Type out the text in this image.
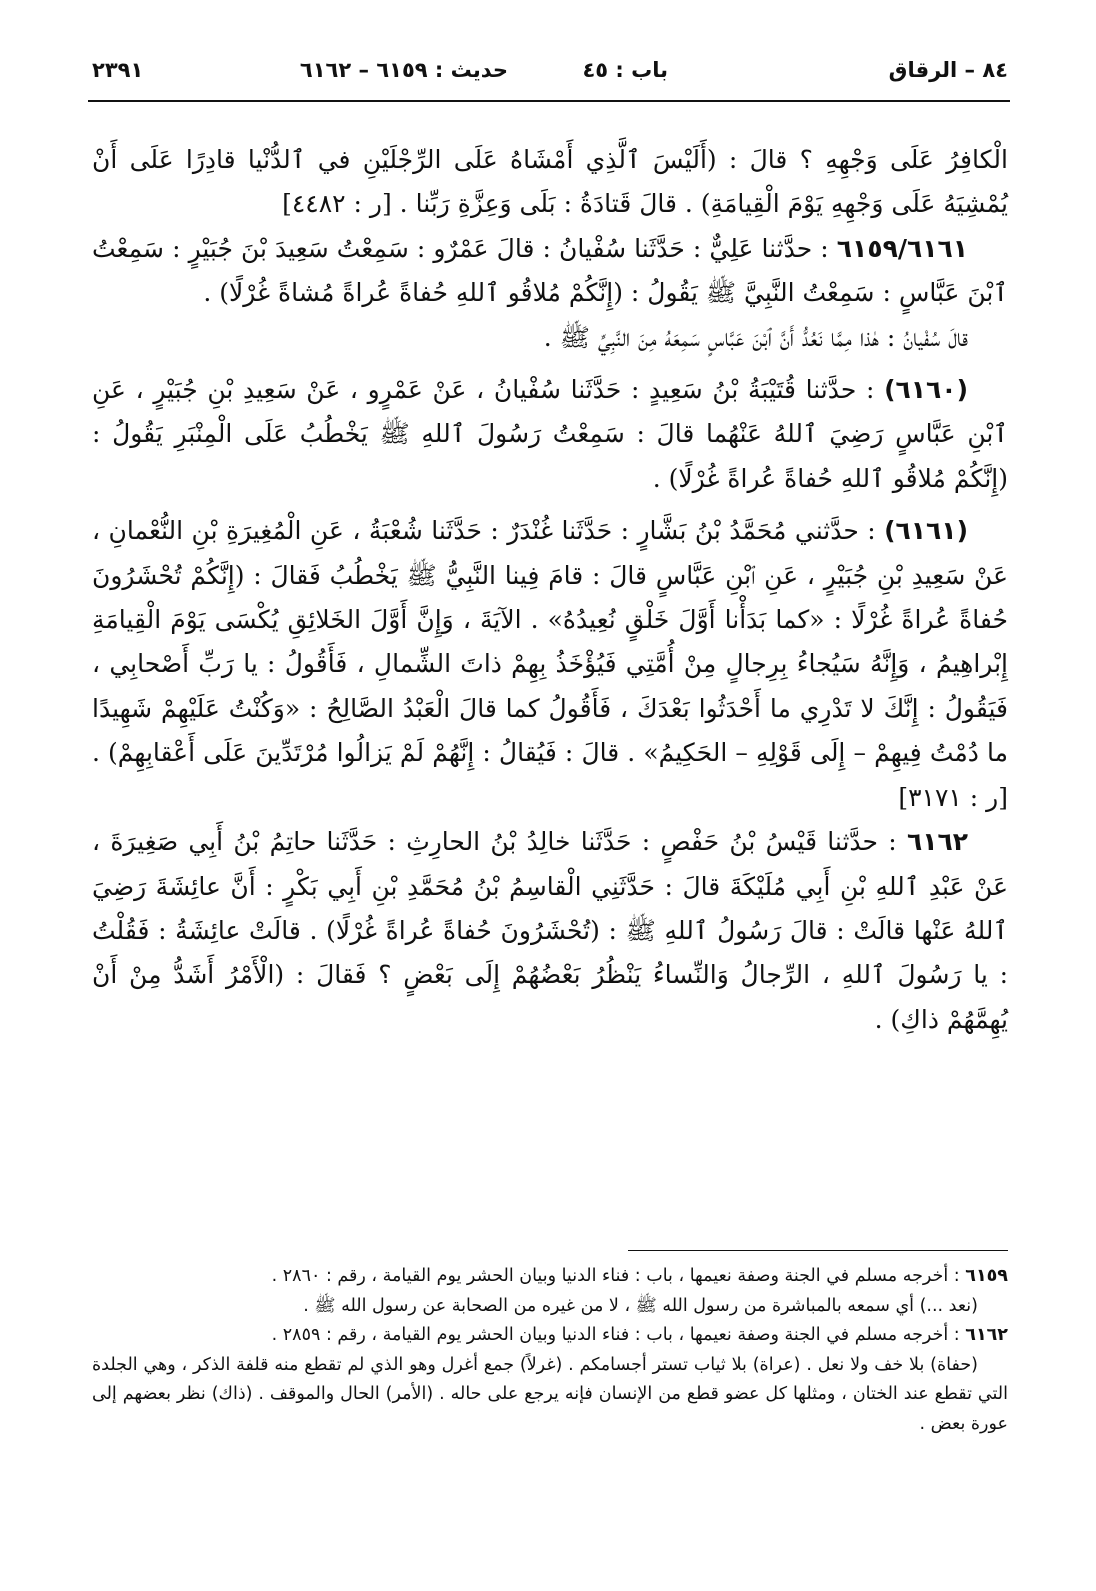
٨٤ – الرقاق
باب : ٤٥
حديث : ٦١٥٩ – ٦١٦٢
٢٣٩١

الْكافِرُ عَلَى وَجْهِهِ ؟ قالَ : (أَلَيْسَ ٱلَّذِي أَمْشَاهُ عَلَى الرِّجْلَيْنِ في ٱلدُّنْيا قادِرًا عَلَى أَنْ يُمْشِيَهُ عَلَى وَجْهِهِ يَوْمَ الْقِيامَةِ) . قالَ قَتادَةُ : بَلَى وَعِزَّةِ رَبِّنا . [ر : ٤٤٨٢]

٦١٥٩/٦١٦١ : حدَّثنا عَلِيٌّ : حَدَّثَنا سُفْيانُ : قالَ عَمْرٌو : سَمِعْتُ سَعِيدَ بْنَ جُبَيْرٍ : سَمِعْتُ ٱبْنَ عَبَّاسٍ : سَمِعْتُ النَّبِيَّ ﷺ يَقُولُ : (إِنَّكُمْ مُلاقُو ٱللهِ حُفاةً عُراةً مُشاةً غُرْلًا) .

قالَ سُفْيانُ : هٰذا مِمَّا نَعُدُّ أَنَّ ٱبْنَ عَبَّاسٍ سَمِعَهُ مِنَ النَّبِيِّ ﷺ .

(٦١٦٠) : حدَّثنا قُتَيْبَةُ بْنُ سَعِيدٍ : حَدَّثَنا سُفْيانُ ، عَنْ عَمْرٍو ، عَنْ سَعِيدِ بْنِ جُبَيْرٍ ، عَنِ ٱبْنِ عَبَّاسٍ رَضِيَ ٱللهُ عَنْهُما قالَ : سَمِعْتُ رَسُولَ ٱللهِ ﷺ يَخْطُبُ عَلَى الْمِنْبَرِ يَقُولُ : (إِنَّكُمْ مُلاقُو ٱللهِ حُفاةً عُراةً غُرْلًا) .

(٦١٦١) : حدَّثني مُحَمَّدُ بْنُ بَشَّارٍ : حَدَّثَنا غُنْدَرٌ : حَدَّثَنا شُعْبَةُ ، عَنِ الْمُغِيرَةِ بْنِ النُّعْمانِ ، عَنْ سَعِيدِ بْنِ جُبَيْرٍ ، عَنِ ٱبْنِ عَبَّاسٍ قالَ : قامَ فِينا النَّبِيُّ ﷺ يَخْطُبُ فَقالَ : (إِنَّكُمْ تُحْشَرُونَ حُفاةً عُراةً غُرْلًا : «كما بَدَأْنا أَوَّلَ خَلْقٍ نُعِيدُهُ» . الآيَةَ ، وَإِنَّ أَوَّلَ الخَلائِقِ يُكْسَى يَوْمَ الْقِيامَةِ إِبْراهِيمُ ، وَإِنَّهُ سَيُجاءُ بِرِجالٍ مِنْ أُمَّتِي فَيُؤْخَذُ بِهِمْ ذاتَ الشِّمالِ ، فَأَقُولُ : يا رَبِّ أَصْحابِي ، فَيَقُولُ : إِنَّكَ لا تَدْرِي ما أَحْدَثُوا بَعْدَكَ ، فَأَقُولُ كما قالَ الْعَبْدُ الصَّالِحُ : «وَكُنْتُ عَلَيْهِمْ شَهِيدًا ما دُمْتُ فِيهِمْ – إِلَى قَوْلِهِ – الحَكِيمُ» . قالَ : فَيُقالُ : إِنَّهُمْ لَمْ يَزالُوا مُرْتَدِّينَ عَلَى أَعْقابِهِمْ) . [ر : ٣١٧١]

٦١٦٢ : حدَّثنا قَيْسُ بْنُ حَفْصٍ : حَدَّثَنا خالِدُ بْنُ الحارِثِ : حَدَّثَنا حاتِمُ بْنُ أَبِي صَغِيرَةَ ، عَنْ عَبْدِ ٱللهِ بْنِ أَبِي مُلَيْكَةَ قالَ : حَدَّثَنِي الْقاسِمُ بْنُ مُحَمَّدِ بْنِ أَبِي بَكْرٍ : أَنَّ عائِشَةَ رَضِيَ ٱللهُ عَنْها قالَتْ : قالَ رَسُولُ ٱللهِ ﷺ : (تُحْشَرُونَ حُفاةً عُراةً غُرْلًا) . قالَتْ عائِشَةُ : فَقُلْتُ : يا رَسُولَ ٱللهِ ، الرِّجالُ وَالنِّساءُ يَنْظُرُ بَعْضُهُمْ إِلَى بَعْضٍ ؟ فَقالَ : (الْأَمْرُ أَشَدُّ مِنْ أَنْ يُهِمَّهُمْ ذاكِ) .

٦١٥٩ : أخرجه مسلم في الجنة وصفة نعيمها ، باب : فناء الدنيا وبيان الحشر يوم القيامة ، رقم : ٢٨٦٠ .

(نعد ...) أي سمعه بالمباشرة من رسول الله ﷺ ، لا من غيره من الصحابة عن رسول الله ﷺ .

٦١٦٢ : أخرجه مسلم في الجنة وصفة نعيمها ، باب : فناء الدنيا وبيان الحشر يوم القيامة ، رقم : ٢٨٥٩ .

(حفاة) بلا خف ولا نعل . (عراة) بلا ثياب تستر أجسامكم . (غرلاً) جمع أغرل وهو الذي لم تقطع منه قلفة الذكر ، وهي الجلدة التي تقطع عند الختان ، ومثلها كل عضو قطع من الإنسان فإنه يرجع على حاله . (الأمر) الحال والموقف . (ذاك) نظر بعضهم إلى عورة بعض .
